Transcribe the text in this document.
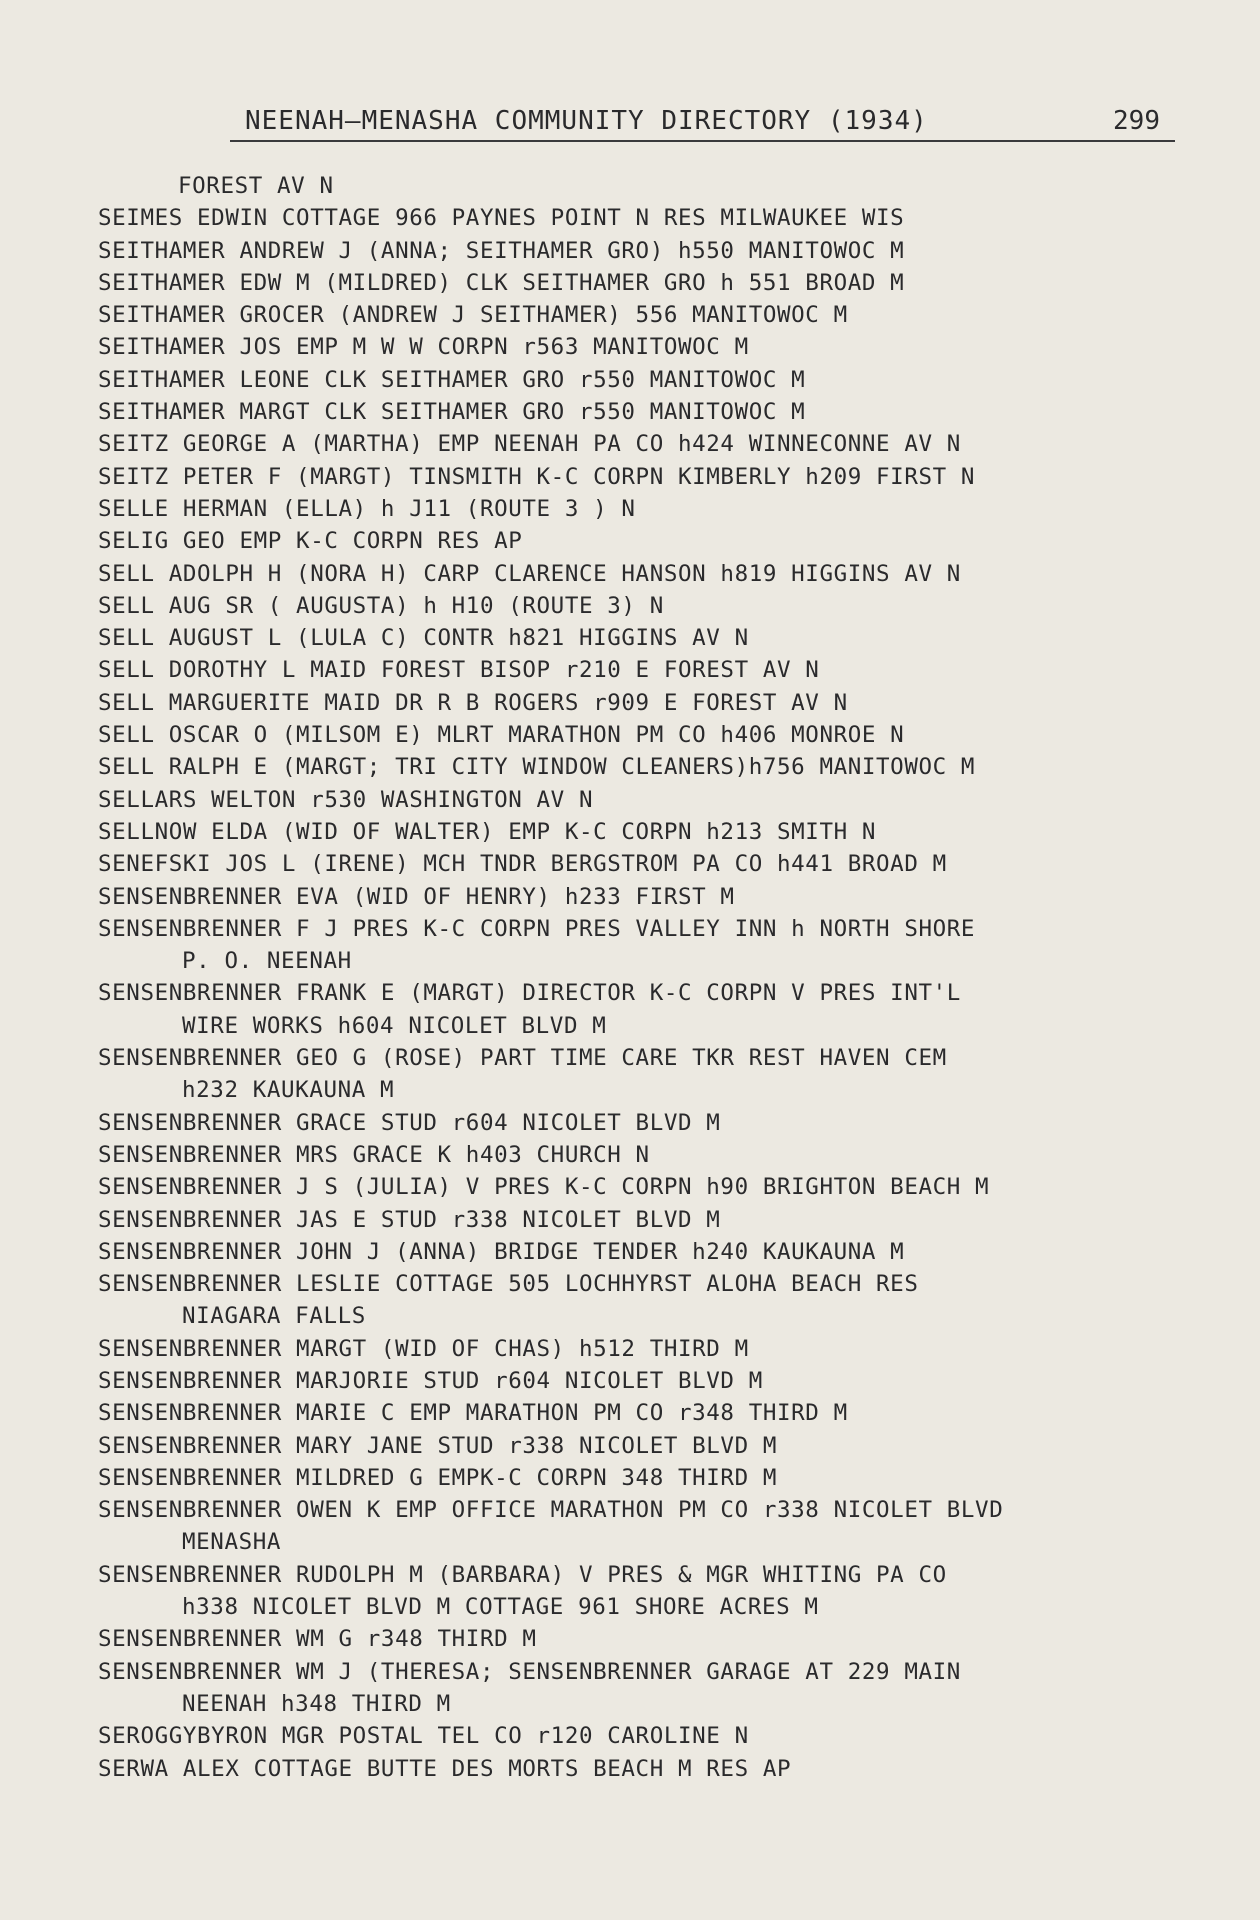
NEENAH—MENASHA COMMUNITY DIRECTORY (1934)	299
FOREST AV N
SEIMES EDWIN COTTAGE 966 PAYNES POINT N RES MILWAUKEE WIS
SEITHAMER ANDREW J (ANNA; SEITHAMER GRO) h550 MANITOWOC M
SEITHAMER EDW M (MILDRED) CLK SEITHAMER GRO h 551 BROAD M
SEITHAMER GROCER (ANDREW J SEITHAMER) 556 MANITOWOC M
SEITHAMER JOS EMP M W W CORPN r563 MANITOWOC M
SEITHAMER LEONE CLK SEITHAMER GRO r550 MANITOWOC M
SEITHAMER MARGT CLK SEITHAMER GRO r550 MANITOWOC M
SEITZ GEORGE A (MARTHA) EMP NEENAH PA CO h424 WINNECONNE AV N
SEITZ PETER F (MARGT) TINSMITH K-C CORPN KIMBERLY h209 FIRST N
SELLE HERMAN (ELLA) h J11 (ROUTE 3 ) N
SELIG GEO EMP K-C CORPN RES AP
SELL ADOLPH H (NORA H) CARP CLARENCE HANSON h819 HIGGINS AV N
SELL AUG SR ( AUGUSTA) h H10 (ROUTE 3) N
SELL AUGUST L (LULA C) CONTR h821 HIGGINS AV N
SELL DOROTHY L MAID FOREST BISOP r210 E FOREST AV N
SELL MARGUERITE MAID DR R B ROGERS r909 E FOREST AV N
SELL OSCAR O (MILSOM E) MLRT MARATHON PM CO h406 MONROE N
SELL RALPH E (MARGT; TRI CITY WINDOW CLEANERS)h756 MANITOWOC M
SELLARS WELTON r530 WASHINGTON AV N
SELLNOW ELDA (WID OF WALTER) EMP K-C CORPN h213 SMITH N
SENEFSKI JOS L (IRENE) MCH TNDR BERGSTROM PA CO h441 BROAD M
SENSENBRENNER EVA (WID OF HENRY) h233 FIRST M
SENSENBRENNER F J PRES K-C CORPN PRES VALLEY INN h NORTH SHORE
P. O. NEENAH
SENSENBRENNER FRANK E (MARGT) DIRECTOR K-C CORPN V PRES INT'L
WIRE WORKS h604 NICOLET BLVD M
SENSENBRENNER GEO G (ROSE) PART TIME CARE TKR REST HAVEN CEM
h232 KAUKAUNA M
SENSENBRENNER GRACE STUD r604 NICOLET BLVD M
SENSENBRENNER MRS GRACE K h403 CHURCH N
SENSENBRENNER J S (JULIA) V PRES K-C CORPN h90 BRIGHTON BEACH M
SENSENBRENNER JAS E STUD r338 NICOLET BLVD M
SENSENBRENNER JOHN J (ANNA) BRIDGE TENDER h240 KAUKAUNA M
SENSENBRENNER LESLIE COTTAGE 505 LOCHHYRST ALOHA BEACH RES
NIAGARA FALLS
SENSENBRENNER MARGT (WID OF CHAS) h512 THIRD M
SENSENBRENNER MARJORIE STUD r604 NICOLET BLVD M
SENSENBRENNER MARIE C EMP MARATHON PM CO r348 THIRD M
SENSENBRENNER MARY JANE STUD r338 NICOLET BLVD M
SENSENBRENNER MILDRED G EMPK-C CORPN 348 THIRD M
SENSENBRENNER OWEN K EMP OFFICE MARATHON PM CO r338 NICOLET BLVD
MENASHA
SENSENBRENNER RUDOLPH M (BARBARA) V PRES & MGR WHITING PA CO
h338 NICOLET BLVD M COTTAGE 961 SHORE ACRES M
SENSENBRENNER WM G r348 THIRD M
SENSENBRENNER WM J (THERESA; SENSENBRENNER GARAGE AT 229 MAIN
NEENAH h348 THIRD M
SEROGGYBYRON MGR POSTAL TEL CO r120 CAROLINE N
SERWA ALEX COTTAGE BUTTE DES MORTS BEACH M RES AP
